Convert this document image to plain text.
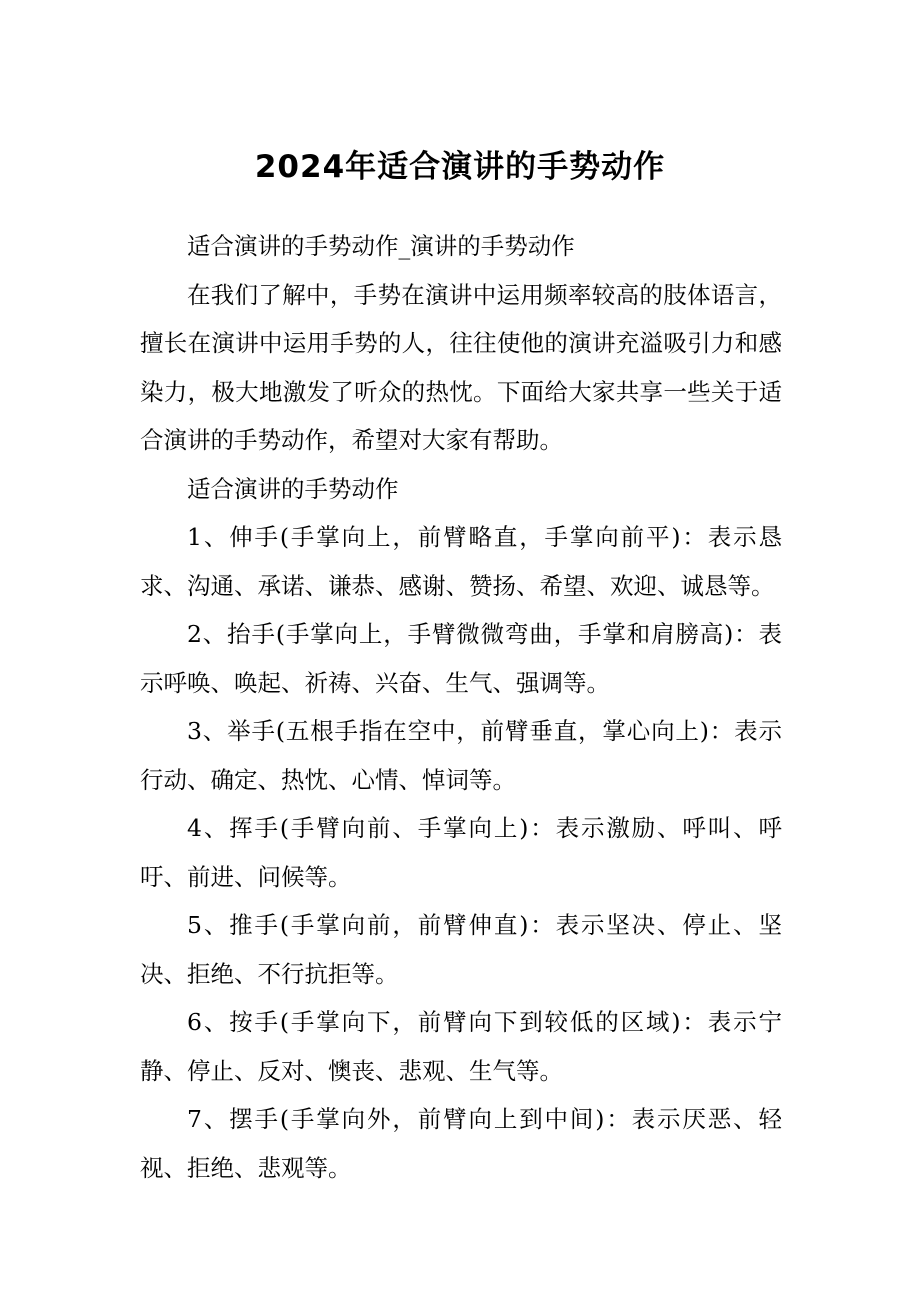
2024年适合演讲的手势动作

适合演讲的手势动作_演讲的手势动作

在我们了解中，手势在演讲中运用频率较高的肢体语言，擅长在演讲中运用手势的人，往往使他的演讲充溢吸引力和感染力，极大地激发了听众的热忱。下面给大家共享一些关于适合演讲的手势动作，希望对大家有帮助。

适合演讲的手势动作

1、伸手(手掌向上，前臂略直，手掌向前平)：表示恳求、沟通、承诺、谦恭、感谢、赞扬、希望、欢迎、诚恳等。

2、抬手(手掌向上，手臂微微弯曲，手掌和肩膀高)：表示呼唤、唤起、祈祷、兴奋、生气、强调等。

3、举手(五根手指在空中，前臂垂直，掌心向上)：表示行动、确定、热忱、心情、悼词等。

4、挥手(手臂向前、手掌向上)：表示激励、呼叫、呼吁、前进、问候等。

5、推手(手掌向前，前臂伸直)：表示坚决、停止、坚决、拒绝、不行抗拒等。

6、按手(手掌向下，前臂向下到较低的区域)：表示宁静、停止、反对、懊丧、悲观、生气等。

7、摆手(手掌向外，前臂向上到中间)：表示厌恶、轻视、拒绝、悲观等。
